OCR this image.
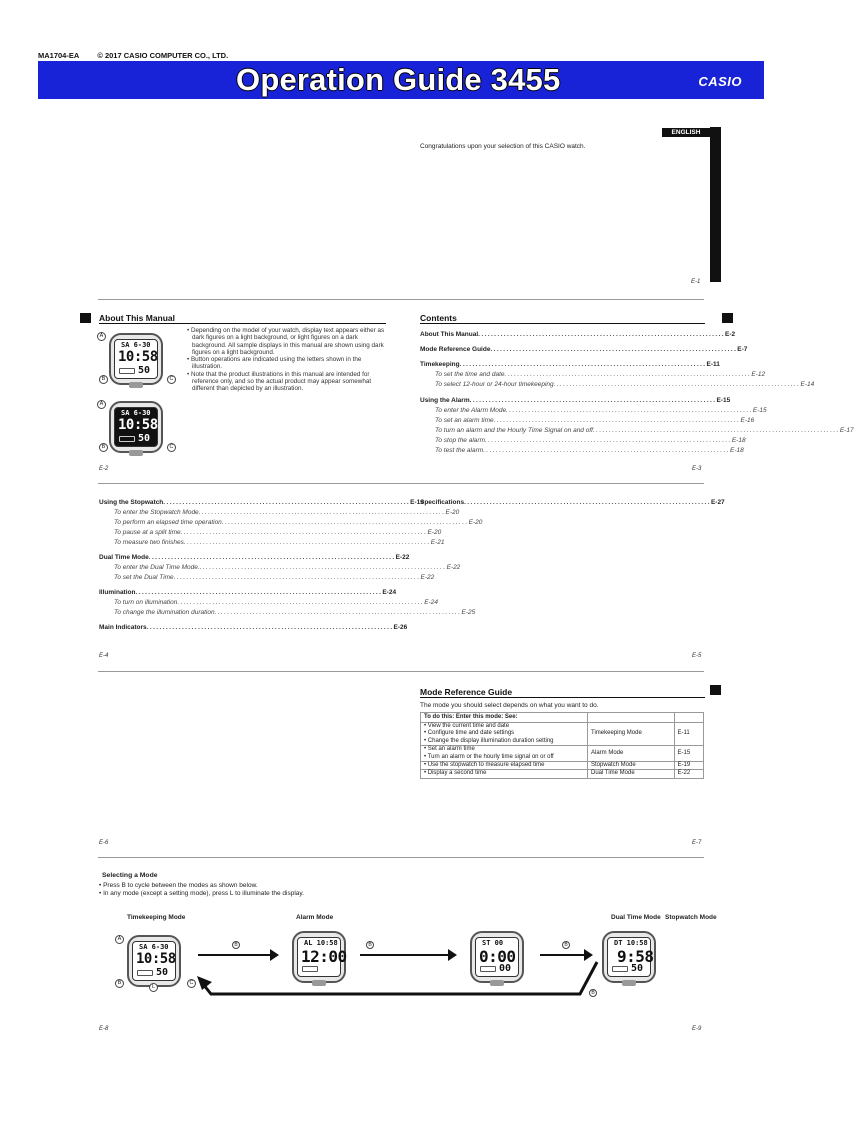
MA1704-EA © 2017 CASIO COMPUTER CO., LTD.
Operation Guide 3455	CASIO
ENGLISH
Congratulations upon your selection of this CASIO watch.
E-1
About This Manual
SA 6-30
10:58
50
A
B	C
SA 6-30
10:58
50
A
B	C
• Depending on the model of your watch, display text appears either as dark figures on a light background, or light figures on a dark background. All sample displays in this manual are shown using dark figures on a light background.
• Button operations are indicated using the letters shown in the illustration.
• Note that the product illustrations in this manual are intended for reference only, and so the actual product may appear somewhat different than depicted by an illustration.
E-2
Contents
About This Manual ............................................................................. E-2
Mode Reference Guide ............................................................................. E-7
Timekeeping ............................................................................. E-11
To set the time and date ............................................................................. E-12
To select 12-hour or 24-hour timekeeping ............................................................................. E-14
Using the Alarm ............................................................................. E-15
To enter the Alarm Mode ............................................................................. E-15
To set an alarm time ............................................................................. E-16
To turn an alarm and the Hourly Time Signal on and off ............................................................................. E-17
To stop the alarm ............................................................................. E-18
To test the alarm ............................................................................. E-18
E-3
Using the Stopwatch ............................................................................. E-19
To enter the Stopwatch Mode ............................................................................. E-20
To perform an elapsed time operation ............................................................................. E-20
To pause at a split time ............................................................................. E-20
To measure two finishes ............................................................................. E-21
Dual Time Mode ............................................................................. E-22
To enter the Dual Time Mode. ............................................................................. E-22
To set the Dual Time ............................................................................. E-22
Illumination ............................................................................. E-24
To turn on illumination ............................................................................. E-24
To change the illumination duration ............................................................................. E-25
Main Indicators ............................................................................. E-26
E-4
Specifications ............................................................................. E-27
E-5
Mode Reference Guide
The mode you should select depends on what you want to do.
To do this: Enter this mode: See:		

• View the current time and date
• Configure time and date settings
• Change the display illumination duration setting	Timekeeping Mode	E-11

• Set an alarm time
• Turn an alarm or the hourly time signal on or off	Alarm Mode	E-15
• Use the stopwatch to measure elapsed time	Stopwatch Mode	E-19
• Display a second time	Dual Time Mode	E-22
E-6	E-7
Selecting a Mode
• Press B to cycle between the modes as shown below.
• In any mode (except a setting mode), press L to illuminate the display.
Timekeeping Mode	Alarm Mode	Dual Time Mode Stopwatch Mode
SA 6-30
10:58
50
A
B	C
L
AL 10:58
12:00
ST 00
0:00
00
DT 10:58
9:58
50
B	B	B
B
E-8	E-9
